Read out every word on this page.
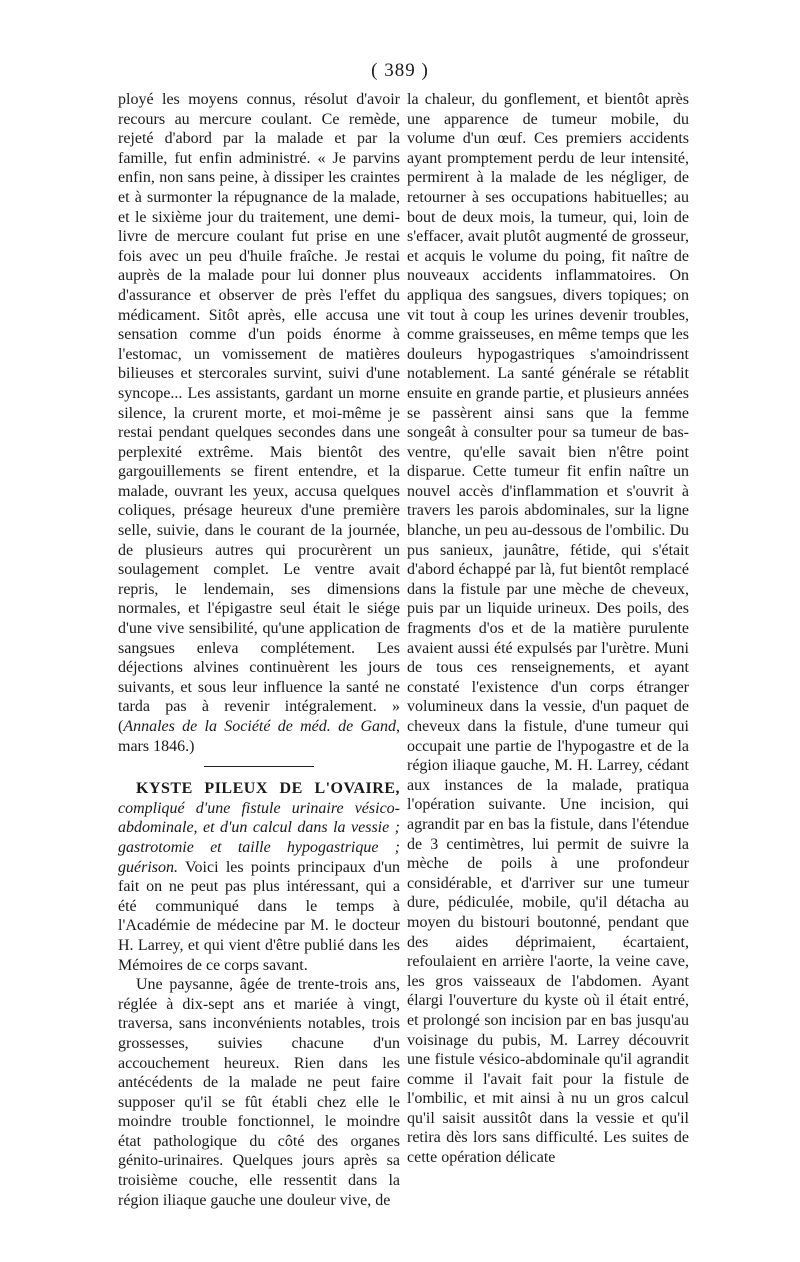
( 389 )

ployé les moyens connus, résolut d'avoir recours au mercure coulant. Ce remède, rejeté d'abord par la malade et par la famille, fut enfin administré. « Je parvins enfin, non sans peine, à dissiper les craintes et à surmonter la répugnance de la malade, et le sixième jour du traitement, une demi-livre de mercure coulant fut prise en une fois avec un peu d'huile fraîche. Je restai auprès de la malade pour lui donner plus d'assurance et observer de près l'effet du médicament. Sitôt après, elle accusa une sensation comme d'un poids énorme à l'estomac, un vomissement de matières bilieuses et stercorales survint, suivi d'une syncope... Les assistants, gardant un morne silence, la crurent morte, et moi-même je restai pendant quelques secondes dans une perplexité extrême. Mais bientôt des gargouillements se firent entendre, et la malade, ouvrant les yeux, accusa quelques coliques, présage heureux d'une première selle, suivie, dans le courant de la journée, de plusieurs autres qui procurèrent un soulagement complet. Le ventre avait repris, le lendemain, ses dimensions normales, et l'épigastre seul était le siége d'une vive sensibilité, qu'une application de sangsues enleva complétement. Les déjections alvines continuèrent les jours suivants, et sous leur influence la santé ne tarda pas à revenir intégralement. » (Annales de la Société de méd. de Gand, mars 1846.)

KYSTE PILEUX DE L'OVAIRE, compliqué d'une fistule urinaire vésico-abdominale, et d'un calcul dans la vessie ; gastrotomie et taille hypogastrique ; guérison. Voici les points principaux d'un fait on ne peut pas plus intéressant, qui a été communiqué dans le temps à l'Académie de médecine par M. le docteur H. Larrey, et qui vient d'être publié dans les Mémoires de ce corps savant.

Une paysanne, âgée de trente-trois ans, réglée à dix-sept ans et mariée à vingt, traversa, sans inconvénients notables, trois grossesses, suivies chacune d'un accouchement heureux. Rien dans les antécédents de la malade ne peut faire supposer qu'il se fût établi chez elle le moindre trouble fonctionnel, le moindre état pathologique du côté des organes génito-urinaires. Quelques jours après sa troisième couche, elle ressentit dans la région iliaque gauche une douleur vive, de

la chaleur, du gonflement, et bientôt après une apparence de tumeur mobile, du volume d'un œuf. Ces premiers accidents ayant promptement perdu de leur intensité, permirent à la malade de les négliger, de retourner à ses occupations habituelles; au bout de deux mois, la tumeur, qui, loin de s'effacer, avait plutôt augmenté de grosseur, et acquis le volume du poing, fit naître de nouveaux accidents inflammatoires. On appliqua des sangsues, divers topiques; on vit tout à coup les urines devenir troubles, comme graisseuses, en même temps que les douleurs hypogastriques s'amoindrissent notablement. La santé générale se rétablit ensuite en grande partie, et plusieurs années se passèrent ainsi sans que la femme songeât à consulter pour sa tumeur de bas-ventre, qu'elle savait bien n'être point disparue. Cette tumeur fit enfin naître un nouvel accès d'inflammation et s'ouvrit à travers les parois abdominales, sur la ligne blanche, un peu au-dessous de l'ombilic. Du pus sanieux, jaunâtre, fétide, qui s'était d'abord échappé par là, fut bientôt remplacé dans la fistule par une mèche de cheveux, puis par un liquide urineux. Des poils, des fragments d'os et de la matière purulente avaient aussi été expulsés par l'urètre. Muni de tous ces renseignements, et ayant constaté l'existence d'un corps étranger volumineux dans la vessie, d'un paquet de cheveux dans la fistule, d'une tumeur qui occupait une partie de l'hypogastre et de la région iliaque gauche, M. H. Larrey, cédant aux instances de la malade, pratiqua l'opération suivante. Une incision, qui agrandit par en bas la fistule, dans l'étendue de 3 centimètres, lui permit de suivre la mèche de poils à une profondeur considérable, et d'arriver sur une tumeur dure, pédiculée, mobile, qu'il détacha au moyen du bistouri boutonné, pendant que des aides déprimaient, écartaient, refoulaient en arrière l'aorte, la veine cave, les gros vaisseaux de l'abdomen. Ayant élargi l'ouverture du kyste où il était entré, et prolongé son incision par en bas jusqu'au voisinage du pubis, M. Larrey découvrit une fistule vésico-abdominale qu'il agrandit comme il l'avait fait pour la fistule de l'ombilic, et mit ainsi à nu un gros calcul qu'il saisit aussitôt dans la vessie et qu'il retira dès lors sans difficulté. Les suites de cette opération délicate
